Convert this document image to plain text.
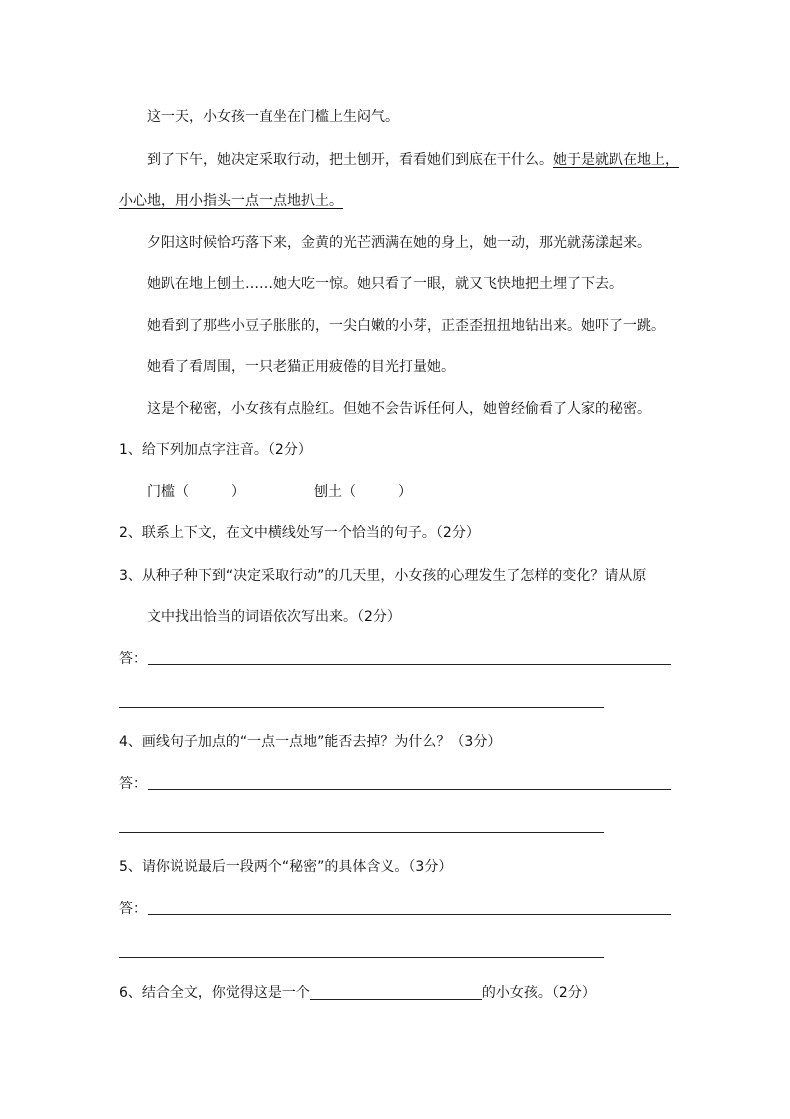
这一天，小女孩一直坐在门槛上生闷气。
到了下午，她决定采取行动，把土刨开，看看她们到底在干什么。她于是就趴在地上，
小心地，用小指头一点一点地扒土。
夕阳这时候恰巧落下来，金黄的光芒洒满在她的身上，她一动，那光就荡漾起来。
她趴在地上刨土……她大吃一惊。她只看了一眼，就又飞快地把土埋了下去。
她看到了那些小豆子胀胀的，一尖白嫩的小芽，正歪歪扭扭地钻出来。她吓了一跳。
她看了看周围，一只老猫正用疲倦的目光打量她。
这是个秘密，小女孩有点脸红。但她不会告诉任何人，她曾经偷看了人家的秘密。
1、给下列加点字注音。（2分）
门槛（　　　）	刨土（　　　）
2、联系上下文，在文中横线处写一个恰当的句子。（2分）
3、从种子种下到“决定采取行动”的几天里，小女孩的心理发生了怎样的变化？请从原
文中找出恰当的词语依次写出来。（2分）
答：
4、画线句子加点的“一点一点地”能否去掉？为什么？（3分）
答：
5、请你说说最后一段两个“秘密”的具体含义。（3分）
答：
6、结合全文，你觉得这是一个	的小女孩。（2分）
